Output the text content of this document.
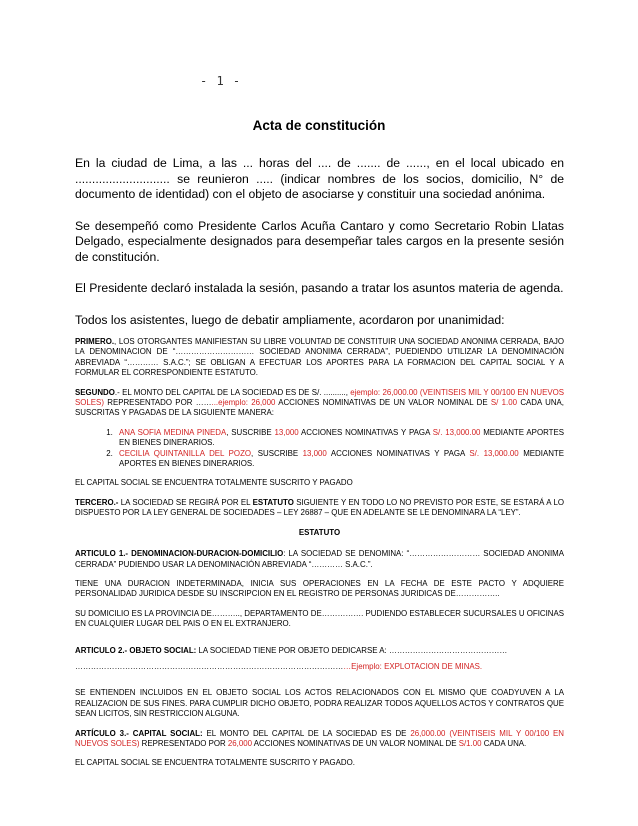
- 1 -
Acta de constitución

En la ciudad de Lima, a las ... horas del .... de ....... de ......, en el local ubicado en ............................ se reunieron ..... (indicar nombres de los socios, domicilio, N° de documento de identidad) con el objeto de asociarse y constituir una sociedad anónima.

Se desempeñó como Presidente Carlos Acuña Cantaro y como Secretario Robin Llatas Delgado, especialmente designados para desempeñar tales cargos en la presente sesión de constitución.

El Presidente declaró instalada la sesión, pasando a tratar los asuntos materia de agenda.

Todos los asistentes, luego de debatir ampliamente, acordaron por unanimidad:

PRIMERO., LOS OTORGANTES MANIFIESTAN SU LIBRE VOLUNTAD DE CONSTITUIR UNA SOCIEDAD ANONIMA CERRADA, BAJO LA DENOMINACION DE “………………………… SOCIEDAD ANONIMA CERRADA”, PUEDIENDO UTILIZAR LA DENOMINACIÓN ABREVIADA “………… S.A.C.”; SE OBLIGAN A EFECTUAR LOS APORTES PARA LA FORMACION DEL CAPITAL SOCIAL Y A FORMULAR EL CORRESPONDIENTE ESTATUTO.

SEGUNDO.- EL MONTO DEL CAPITAL DE LA SOCIEDAD ES DE S/. .........., ejemplo: 26,000.00 (VEINTISEIS MIL Y 00/100 EN NUEVOS SOLES) REPRESENTADO POR ……...ejemplo: 26,000 ACCIONES NOMINATIVAS DE UN VALOR NOMINAL DE S/ 1.00 CADA UNA, SUSCRITAS Y PAGADAS DE LA SIGUIENTE MANERA:

1. ANA SOFIA MEDINA PINEDA, SUSCRIBE 13,000 ACCIONES NOMINATIVAS Y PAGA S/. 13,000.00 MEDIANTE APORTES EN BIENES DINERARIOS.
2. CECILIA QUINTANILLA DEL POZO, SUSCRIBE 13,000 ACCIONES NOMINATIVAS Y PAGA S/. 13,000.00 MEDIANTE APORTES EN BIENES DINERARIOS.

EL CAPITAL SOCIAL SE ENCUENTRA TOTALMENTE SUSCRITO Y PAGADO

TERCERO.- LA SOCIEDAD SE REGIRÁ POR EL ESTATUTO SIGUIENTE Y EN TODO LO NO PREVISTO POR ESTE, SE ESTARÁ A LO DISPUESTO POR LA LEY GENERAL DE SOCIEDADES – LEY 26887 – QUE EN ADELANTE SE LE DENOMINARA LA “LEY”.

ESTATUTO

ARTICULO 1.- DENOMINACION-DURACION-DOMICILIO: LA SOCIEDAD SE DENOMINA: “……………………… SOCIEDAD ANONIMA CERRADA” PUDIENDO USAR LA DENOMINACIÓN ABREVIADA “………… S.A.C.”.

TIENE UNA DURACION INDETERMINADA, INICIA SUS OPERACIONES EN LA FECHA DE ESTE PACTO Y ADQUIERE PERSONALIDAD JURIDICA DESDE SU INSCRIPCION EN EL REGISTRO DE PERSONAS JURIDICAS DE……………..

SU DOMICILIO ES LA PROVINCIA DE……….., DEPARTAMENTO DE……………. PUDIENDO ESTABLECER SUCURSALES U OFICINAS EN CUALQUIER LUGAR DEL PAIS O EN EL EXTRANJERO.

ARTICULO 2.- OBJETO SOCIAL: LA SOCIEDAD TIENE POR OBJETO DEDICARSE A: ………………………………………

……………………………………………………………………………………………Ejemplo: EXPLOTACION DE MINAS.

SE ENTIENDEN INCLUIDOS EN EL OBJETO SOCIAL LOS ACTOS RELACIONADOS CON EL MISMO QUE COADYUVEN A LA REALIZACION DE SUS FINES. PARA CUMPLIR DICHO OBJETO, PODRA REALIZAR TODOS AQUELLOS ACTOS Y CONTRATOS QUE SEAN LICITOS, SIN RESTRICCION ALGUNA.

ARTÍCULO 3.- CAPITAL SOCIAL: EL MONTO DEL CAPITAL DE LA SOCIEDAD ES DE 26,000.00 (VEINTISEIS MIL Y 00/100 EN NUEVOS SOLES) REPRESENTADO POR 26,000 ACCIONES NOMINATIVAS DE UN VALOR NOMINAL DE S/1.00 CADA UNA.

EL CAPITAL SOCIAL SE ENCUENTRA TOTALMENTE SUSCRITO Y PAGADO.
